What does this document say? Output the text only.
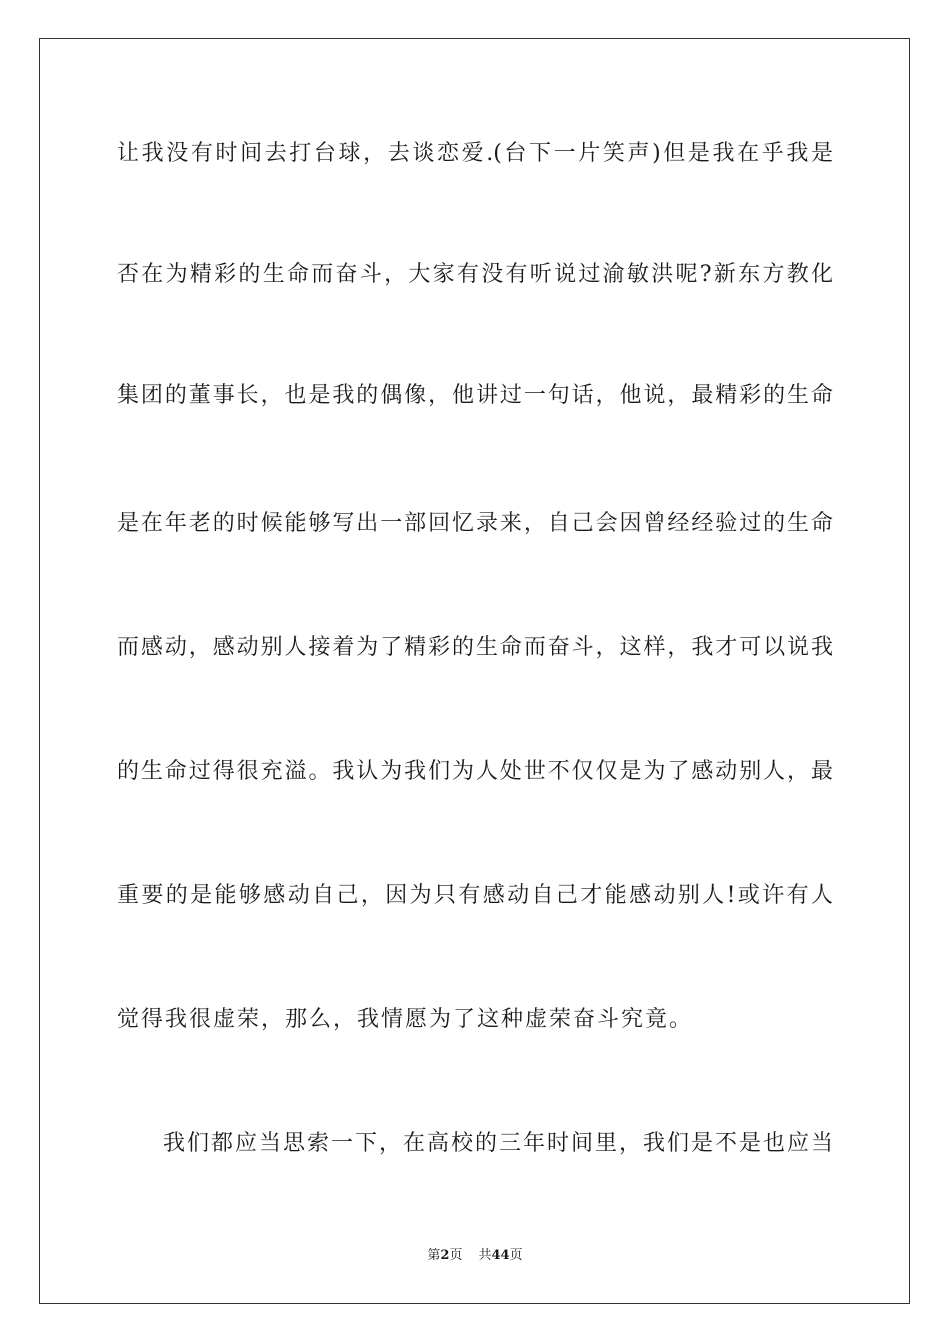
让我没有时间去打台球，去谈恋爱.(台下一片笑声)但是我在乎我是
否在为精彩的生命而奋斗，大家有没有听说过渝敏洪呢?新东方教化
集团的董事长，也是我的偶像，他讲过一句话，他说，最精彩的生命
是在年老的时候能够写出一部回忆录来，自己会因曾经经验过的生命
而感动，感动别人接着为了精彩的生命而奋斗，这样，我才可以说我
的生命过得很充溢。我认为我们为人处世不仅仅是为了感动别人，最
重要的是能够感动自己，因为只有感动自己才能感动别人!或许有人
觉得我很虚荣，那么，我情愿为了这种虚荣奋斗究竟。
我们都应当思索一下，在高校的三年时间里，我们是不是也应当
第2页 共44页
